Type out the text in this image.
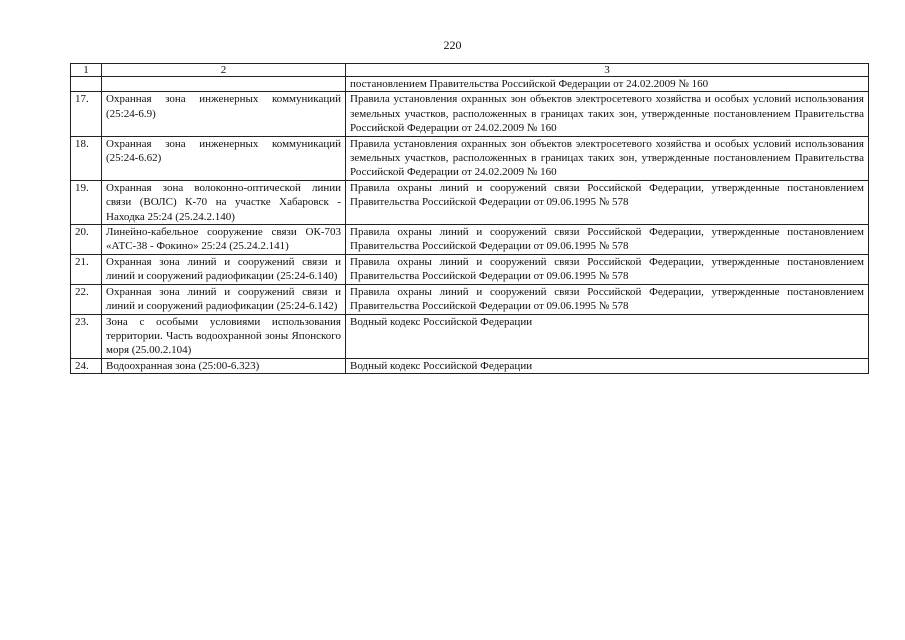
220
1	2	3
		постановлением Правительства Российской Федерации от 24.02.2009 № 160
17.	Охранная зона инженерных коммуникаций (25:24-6.9)	Правила установления охранных зон объектов электросетевого хозяйства и особых условий использования земельных участков, расположенных в границах таких зон, утвержденные постановлением Правительства Российской Федерации от 24.02.2009 № 160
18.	Охранная зона инженерных коммуникаций (25:24-6.62)	Правила установления охранных зон объектов электросетевого хозяйства и особых условий использования земельных участков, расположенных в границах таких зон, утвержденные постановлением Правительства Российской Федерации от 24.02.2009 № 160
19.	Охранная зона волоконно-оптической линии связи (ВОЛС) К-70 на участке Хабаровск - Находка 25:24 (25.24.2.140)	Правила охраны линий и сооружений связи Российской Федерации, утвержденные постановлением Правительства Российской Федерации от 09.06.1995 № 578
20.	Линейно-кабельное сооружение связи ОК-703 «АТС-38 - Фокино» 25:24 (25.24.2.141)	Правила охраны линий и сооружений связи Российской Федерации, утвержденные постановлением Правительства Российской Федерации от 09.06.1995 № 578
21.	Охранная зона линий и сооружений связи и линий и сооружений радиофикации (25:24-6.140)	Правила охраны линий и сооружений связи Российской Федерации, утвержденные постановлением Правительства Российской Федерации от 09.06.1995 № 578
22.	Охранная зона линий и сооружений связи и линий и сооружений радиофикации (25:24-6.142)	Правила охраны линий и сооружений связи Российской Федерации, утвержденные постановлением Правительства Российской Федерации от 09.06.1995 № 578
23.	Зона с особыми условиями использования территории. Часть водоохранной зоны Японского моря (25.00.2.104)	Водный кодекс Российской Федерации
24.	Водоохранная зона (25:00-6.323)	Водный кодекс Российской Федерации
